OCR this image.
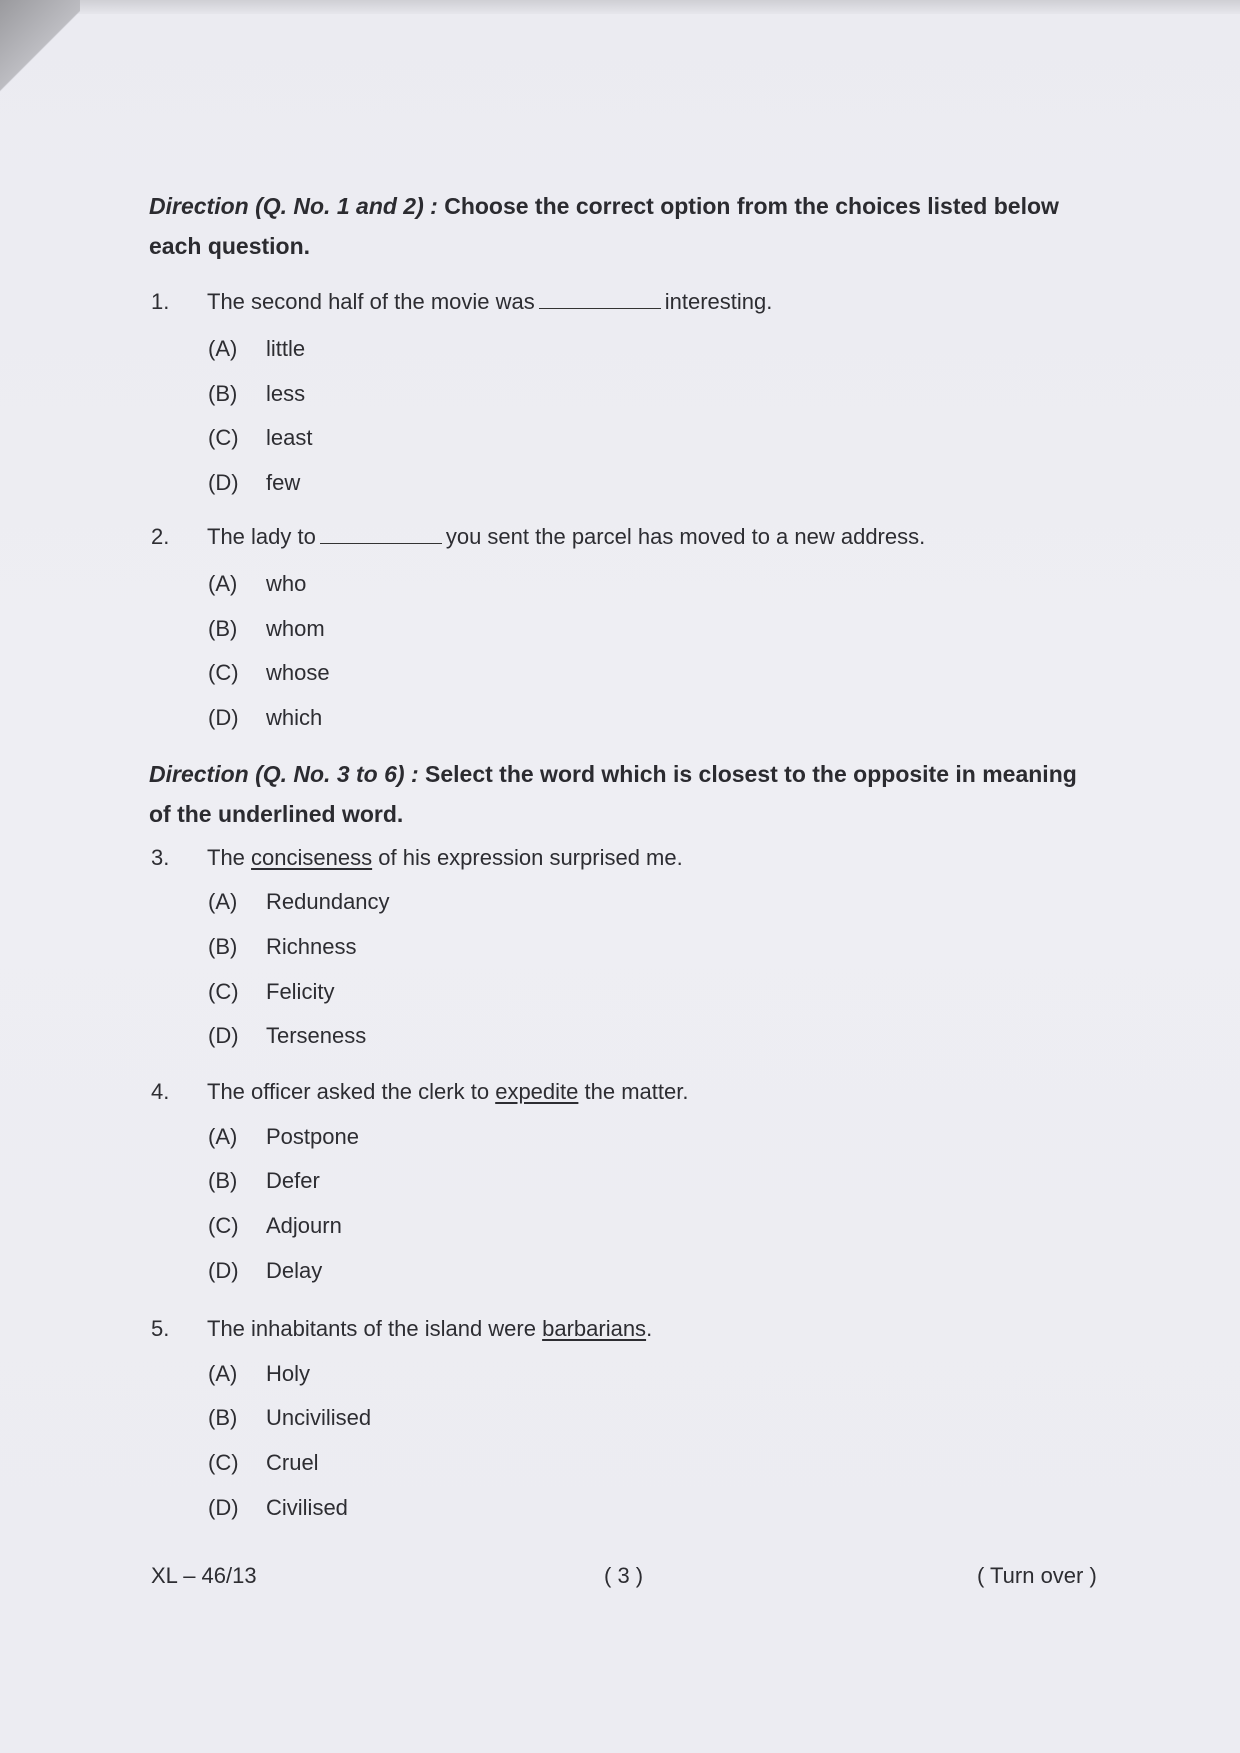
Direction (Q. No. 1 and 2) : Choose the correct option from the choices listed below
each question.
1. The second half of the movie was	interesting.
(A) little
(B) less
(C) least
(D) few
2. The lady to	you sent the parcel has moved to a new address.
(A) who
(B) whom
(C) whose
(D) which
Direction (Q. No. 3 to 6) : Select the word which is closest to the opposite in meaning
of the underlined word.
3. The conciseness of his expression surprised me.
(A) Redundancy
(B) Richness
(C) Felicity
(D) Terseness
4. The officer asked the clerk to expedite the matter.
(A) Postpone
(B) Defer
(C) Adjourn
(D) Delay
5. The inhabitants of the island were barbarians.
(A) Holy
(B) Uncivilised
(C) Cruel
(D) Civilised
XL – 46/13	( 3 )	( Turn over )
